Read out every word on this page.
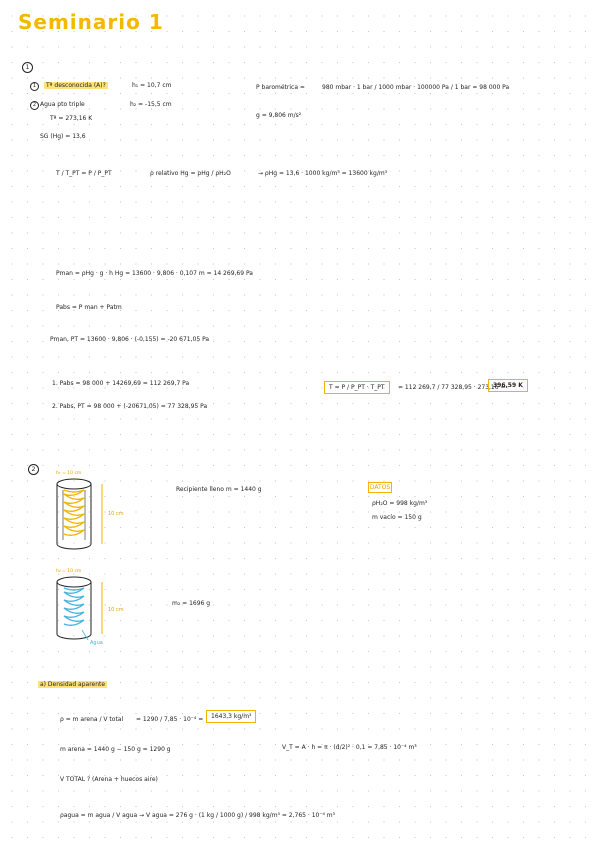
Seminario 1
1
1	Tª desconocida (A)?	h₁ = 10,7 cm
2 Agua pto triple	h₂ = -15,5 cm
Tª = 273,16 K
SG (Hg) = 13,6
P barométrica =	980 mbar · 1 bar / 1000 mbar · 100000 Pa / 1 bar = 98 000 Pa
g = 9,806 m/s²
T / T_PT = P / P_PT	ρ relativo Hg = ρHg / ρH₂O	→ ρHg = 13,6 · 1000 kg/m³ = 13600 kg/m³
Pman = ρHg · g · h Hg = 13600 · 9,806 · 0,107 m = 14 269,69 Pa
Pabs = P man + Patm
Pman, PT = 13600 · 9,806 · (-0,155) = -20 671,05 Pa
1. Pabs = 98 000 + 14269,69 = 112 269,7 Pa
2. Pabs, PT = 98 000 + (-20671,05) = 77 328,95 Pa
T = P / P_PT · T_PT	= 112 269,7 / 77 328,95 · 273,16 =
396,59 K
2
h₁ = 10 cm
10 cm
Recipiente lleno m = 1440 g	DATOS
ρH₂O = 998 kg/m³
m vacío = 150 g
h₂ = 10 cm
10 cm
Agua
m₂ = 1696 g
a) Densidad aparente
ρ = m arena / V total = 1290 / 7,85 · 10⁻⁴ =	1643,3 kg/m³
m arena = 1440 g − 150 g = 1290 g	V_T = A · h = π · (d/2)² · 0,1 = 7,85 · 10⁻⁴ m³
V TOTAL ? (Arena + huecos aire)
ρagua = m agua / V agua → V agua = 276 g · (1 kg / 1000 g) / 998 kg/m³ = 2,765 · 10⁻⁴ m³
